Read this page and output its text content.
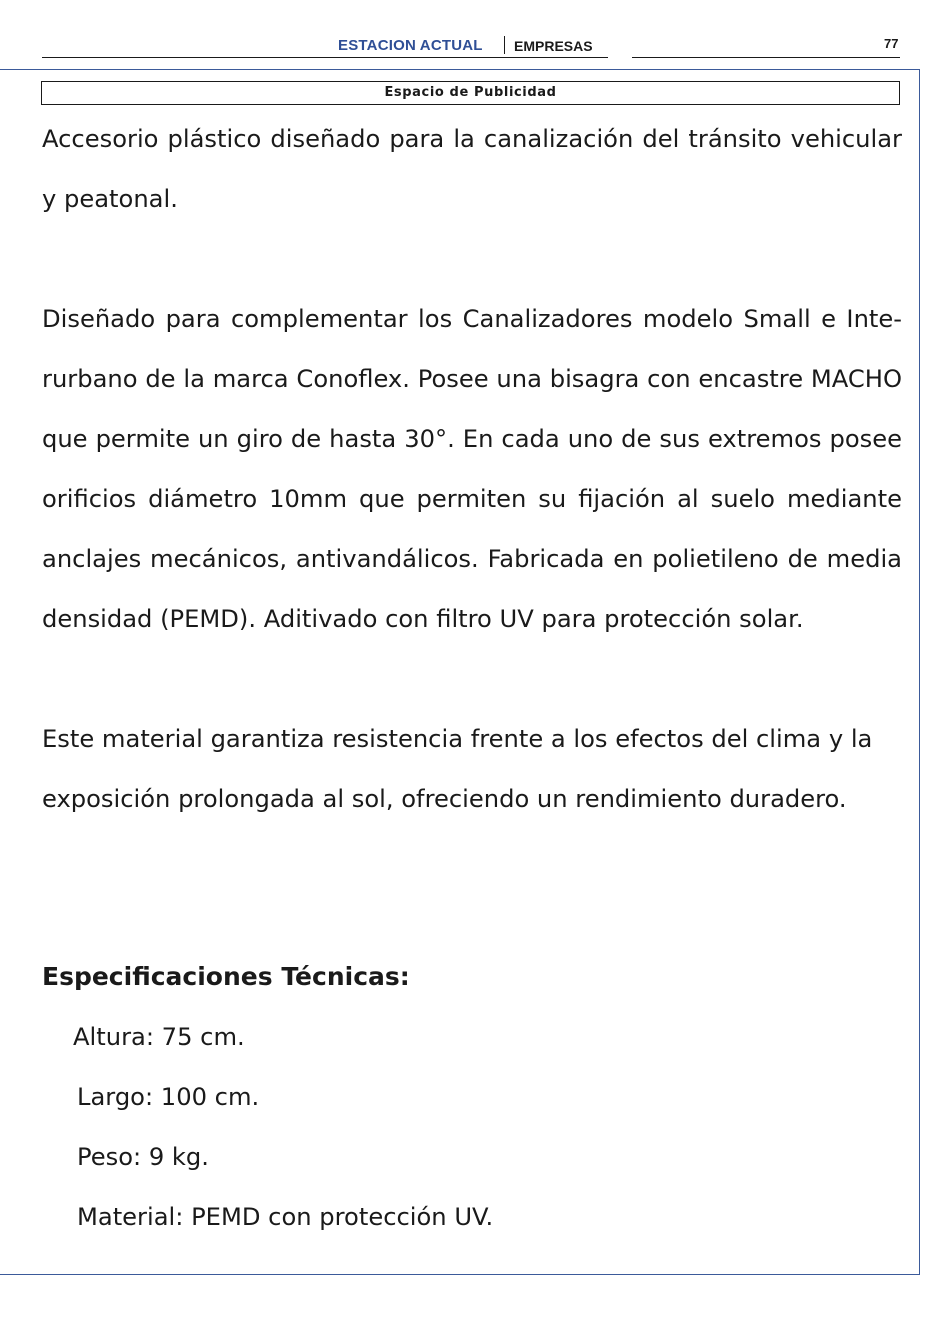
ESTACION ACTUAL EMPRESAS	77
Espacio de Publicidad

Accesorio plástico diseñado para la canalización del tránsito vehicular y peatonal.

Diseñado para complementar los Canalizadores modelo Small e Interurbano de la marca Conoflex. Posee una bisagra con encastre MACHO que permite un giro de hasta 30°. En cada uno de sus extremos posee orificios diámetro 10mm que permiten su fijación al suelo mediante anclajes mecánicos, antivandálicos. Fabricada en polietileno de media densidad (PEMD). Aditivado con filtro UV para protección solar.

Este material garantiza resistencia frente a los efectos del clima y la exposición prolongada al sol, ofreciendo un rendimiento duradero.

Especificaciones Técnicas:
Altura: 75 cm.
Largo: 100 cm.
Peso: 9 kg.
Material: PEMD con protección UV.
